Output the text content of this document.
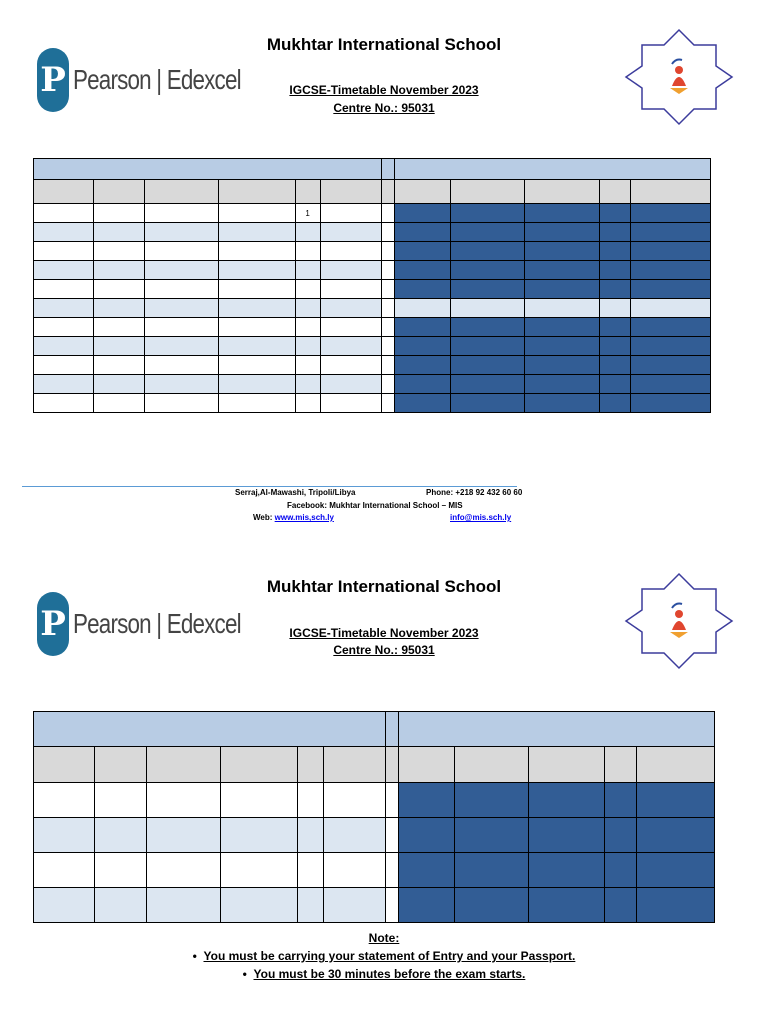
P Pearson | Edexcel
Mukhtar International School
IGCSE-Timetable November 2023
Centre No.: 95031

				1							

Serraj,Al-Mawashi, Tripoli/Libya	Phone: +218 92 432 60 60
Facebook: Mukhtar International School – MIS
Web: www.mis,sch.ly	info@mis.sch.ly
P Pearson | Edexcel
Mukhtar International School
IGCSE-Timetable November 2023
Centre No.: 95031

Note:
•  You must be carrying your statement of Entry and your Passport.
•  You must be 30 minutes before the exam starts.
